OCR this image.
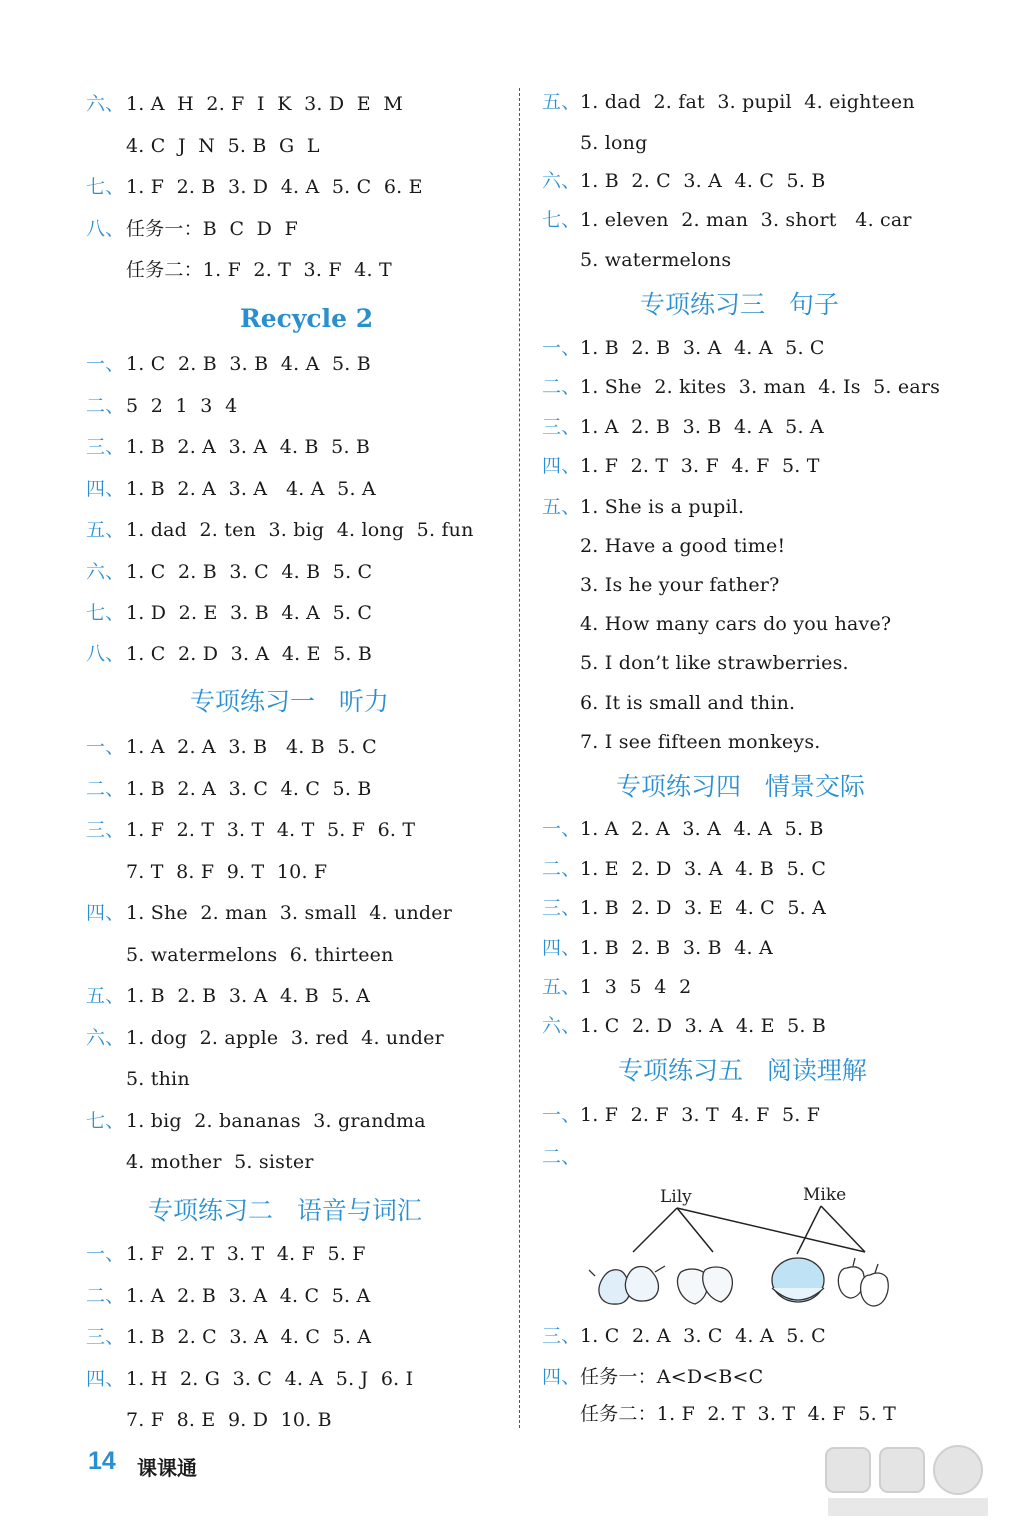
六、1. A  H  2. F  I  K  3. D  E  M
4. C  J  N  5. B  G  L
七、1. F  2. B  3. D  4. A  5. C  6. E
八、任务一：B  C  D  F
任务二：1. F  2. T  3. F  4. T
Recycle 2
一、1. C  2. B  3. B  4. A  5. B
二、5  2  1  3  4
三、1. B  2. A  3. A  4. B  5. B
四、1. B  2. A  3. A   4. A  5. A
五、1. dad  2. ten  3. big  4. long  5. fun
六、1. C  2. B  3. C  4. B  5. C
七、1. D  2. E  3. B  4. A  5. C
八、1. C  2. D  3. A  4. E  5. B
专项练习一   听力
一、1. A  2. A  3. B   4. B  5. C
二、1. B  2. A  3. C  4. C  5. B
三、1. F  2. T  3. T  4. T  5. F  6. T
7. T  8. F  9. T  10. F
四、1. She  2. man  3. small  4. under
5. watermelons  6. thirteen
五、1. B  2. B  3. A  4. B  5. A
六、1. dog  2. apple  3. red  4. under
5. thin
七、1. big  2. bananas  3. grandma
4. mother  5. sister
专项练习二   语音与词汇
一、1. F  2. T  3. T  4. F  5. F
二、1. A  2. B  3. A  4. C  5. A
三、1. B  2. C  3. A  4. C  5. A
四、1. H  2. G  3. C  4. A  5. J  6. I
7. F  8. E  9. D  10. B
五、1. dad  2. fat  3. pupil  4. eighteen
5. long
六、1. B  2. C  3. A  4. C  5. B
七、1. eleven  2. man  3. short   4. car
5. watermelons
专项练习三   句子
一、1. B  2. B  3. A  4. A  5. C
二、1. She  2. kites  3. man  4. Is  5. ears
三、1. A  2. B  3. B  4. A  5. A
四、1. F  2. T  3. F  4. F  5. T
五、1. She is a pupil.
2. Have a good time!
3. Is he your father?
4. How many cars do you have?
5. I don’t like strawberries.
6. It is small and thin.
7. I see fifteen monkeys.
专项练习四   情景交际
一、1. A  2. A  3. A  4. A  5. B
二、1. E  2. D  3. A  4. B  5. C
三、1. B  2. D  3. E  4. C  5. A
四、1. B  2. B  3. B  4. A
五、1  3  5  4  2
六、1. C  2. D  3. A  4. E  5. B
专项练习五   阅读理解
一、1. F  2. F  3. T  4. F  5. F
二、
三、1. C  2. A  3. C  4. A  5. C
四、任务一：A<D<B<C
任务二：1. F  2. T  3. T  4. F  5. T
Lily	Mike
14 课课通
